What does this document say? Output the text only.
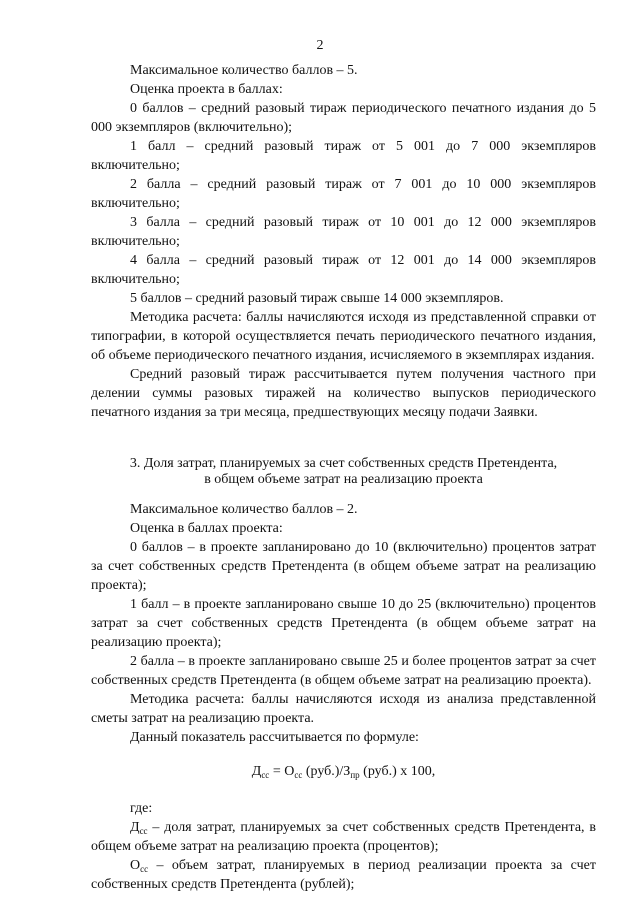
2

Максимальное количество баллов – 5.

Оценка проекта в баллах:

0 баллов – средний разовый тираж периодического печатного издания до 5 000 экземпляров (включительно);

1 балл – средний разовый тираж от 5 001 до 7 000 экземпляров включительно;

2 балла – средний разовый тираж от 7 001 до 10 000 экземпляров включительно;

3 балла – средний разовый тираж от 10 001 до 12 000 экземпляров включительно;

4 балла – средний разовый тираж от 12 001 до 14 000 экземпляров включительно;

5 баллов – средний разовый тираж свыше 14 000 экземпляров.

Методика расчета: баллы начисляются исходя из представленной справки от типографии, в которой осуществляется печать периодического печатного издания, об объеме периодического печатного издания, исчисляемого в экземплярах издания.

Средний разовый тираж рассчитывается путем получения частного при делении суммы разовых тиражей на количество выпусков периодического печатного издания за три месяца, предшествующих месяцу подачи Заявки.

3. Доля затрат, планируемых за счет собственных средств Претендента,
в общем объеме затрат на реализацию проекта

Максимальное количество баллов – 2.

Оценка в баллах проекта:

0 баллов – в проекте запланировано до 10 (включительно) процентов затрат за счет собственных средств Претендента (в общем объеме затрат на реализацию проекта);

1 балл – в проекте запланировано свыше 10 до 25 (включительно) процентов затрат за счет собственных средств Претендента (в общем объеме затрат на реализацию проекта);

2 балла – в проекте запланировано свыше 25 и более процентов затрат за счет собственных средств Претендента (в общем объеме затрат на реализацию проекта).

Методика расчета: баллы начисляются исходя из анализа представленной сметы затрат на реализацию проекта.

Данный показатель рассчитывается по формуле:

$Д_{сс} = О_{сс}$ $(руб.)/З_{пр}$ (руб.) х 100,

где:

$Д_{сс}$ – доля затрат, планируемых за счет собственных средств Претендента, в общем объеме затрат на реализацию проекта (процентов);

$О_{сс}$ – объем затрат, планируемых в период реализации проекта за счет собственных средств Претендента (рублей);
